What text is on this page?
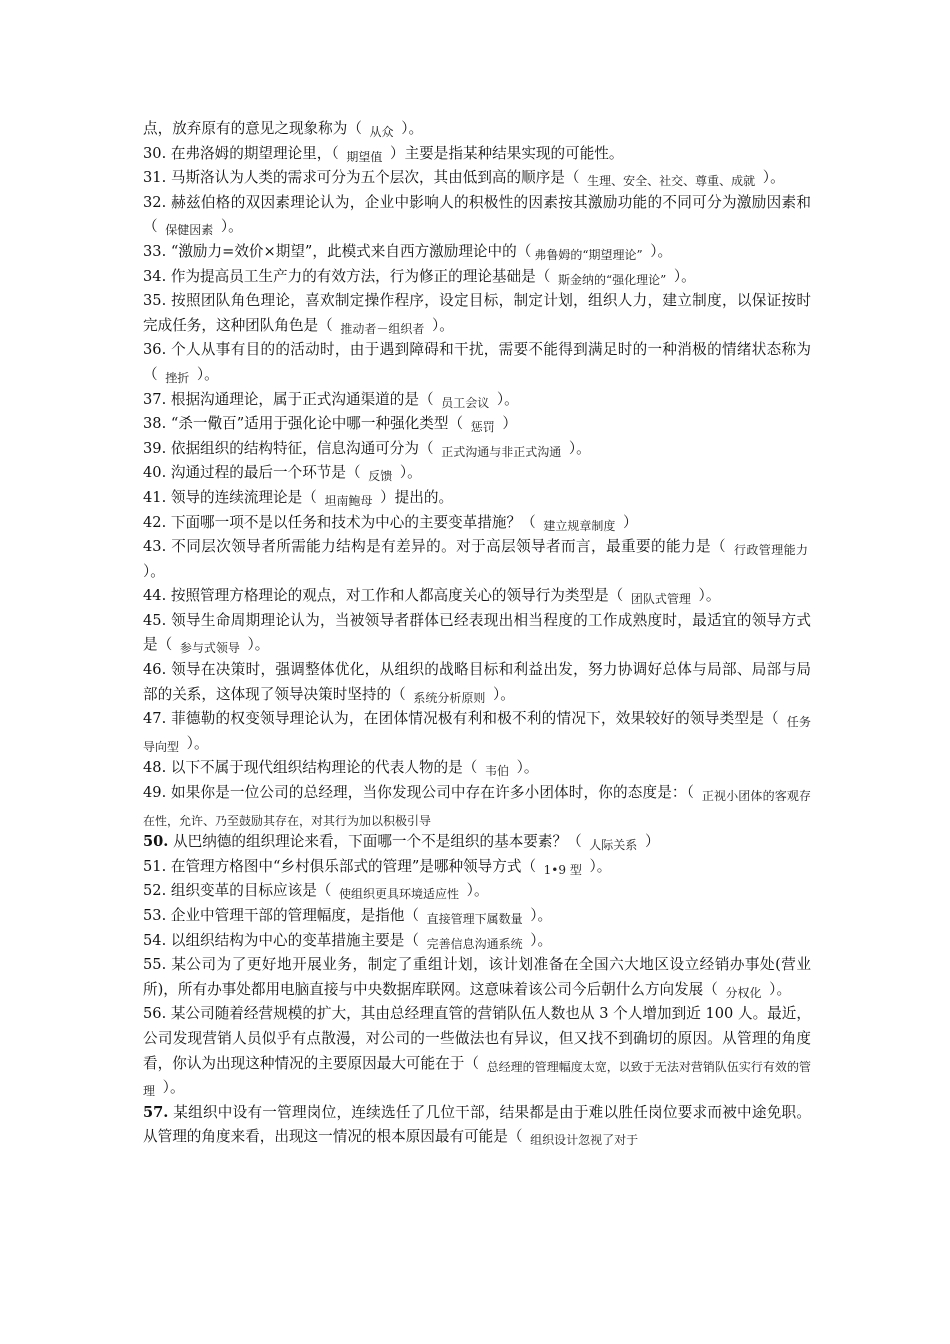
点，放弃原有的意见之现象称为（ $_{从众}$ ）。

30. 在弗洛姆的期望理论里，（ $_{期望值}$ ）主要是指某种结果实现的可能性。

31. 马斯洛认为人类的需求可分为五个层次，其由低到高的顺序是（ $_{生理、安全、社交、尊重、成就}$ ）。

32. 赫兹伯格的双因素理论认为，企业中影响人的积极性的因素按其激励功能的不同可分为激励因素和（ $_{保健因素}$ ）。

33. “激励力=效价×期望”，此模式来自西方激励理论中的（ $_{弗鲁姆的“期望理论”}$ ）。

34. 作为提高员工生产力的有效方法，行为修正的理论基础是（ $_{斯金纳的“强化理论”}$ ）。

35. 按照团队角色理论，喜欢制定操作程序，设定目标，制定计划，组织人力，建立制度，以保证按时完成任务，这种团队角色是（ $_{推动者-组织者}$ ）。

36. 个人从事有目的的活动时，由于遇到障碍和干扰，需要不能得到满足时的一种消极的情绪状态称为（ $_{挫折}$ ）。

37. 根据沟通理论，属于正式沟通渠道的是（ $_{员工会议}$ ）。

38. “杀一儆百”适用于强化论中哪一种强化类型（ $_{惩罚}$ ）

39. 依据组织的结构特征，信息沟通可分为（ $_{正式沟通与非正式沟通}$ ）。

40. 沟通过程的最后一个环节是（ $_{反馈}$ ）。

41. 领导的连续流理论是（ $_{坦南鲍母}$ ）提出的。

42. 下面哪一项不是以任务和技术为中心的主要变革措施？（ $_{建立规章制度}$ ）

43. 不同层次领导者所需能力结构是有差异的。对于高层领导者而言，最重要的能力是（ $_{行政管理能力}$ ）。

44. 按照管理方格理论的观点，对工作和人都高度关心的领导行为类型是（ $_{团队式管理}$ ）。

45. 领导生命周期理论认为，当被领导者群体已经表现出相当程度的工作成熟度时，最适宜的领导方式是（ $_{参与式领导}$ ）。

46. 领导在决策时，强调整体优化，从组织的战略目标和利益出发，努力协调好总体与局部、局部与局部的关系，这体现了领导决策时坚持的（ $_{系统分析原则}$ ）。

47. 菲德勒的权变领导理论认为，在团体情况极有利和极不利的情况下，效果较好的领导类型是（ $_{任务导向型}$ ）。

48. 以下不属于现代组织结构理论的代表人物的是（ $_{韦伯}$ ）。

49. 如果你是一位公司的总经理，当你发现公司中存在许多小团体时，你的态度是：（ $_{正视小团体的客观存在性,允许、乃至鼓励其存在,对其行为加以积极引导}$

50. 从巴纳德的组织理论来看，下面哪一个不是组织的基本要素？（ $_{人际关系}$ ）

51. 在管理方格图中“乡村俱乐部式的管理”是哪种领导方式（ $_{1•9 型}$ ）。

52. 组织变革的目标应该是（ $_{使组织更具环境适应性}$ ）。

53. 企业中管理干部的管理幅度，是指他（ $_{直接管理下属数量}$ ）。

54. 以组织结构为中心的变革措施主要是（ $_{完善信息沟通系统}$ ）。

55. 某公司为了更好地开展业务，制定了重组计划，该计划准备在全国六大地区设立经销办事处(营业所)，所有办事处都用电脑直接与中央数据库联网。这意味着该公司今后朝什么方向发展（ $_{分权化}$ ）。

56. 某公司随着经营规模的扩大，其由总经理直管的营销队伍人数也从 3 个人增加到近 100 人。最近，公司发现营销人员似乎有点散漫，对公司的一些做法也有异议，但又找不到确切的原因。从管理的角度看，你认为出现这种情况的主要原因最大可能在于（ $_{总经理的管理幅度太宽,以致于无法对营销队伍实行有效的管理}$ ）。

57. 某组织中设有一管理岗位，连续选任了几位干部，结果都是由于难以胜任岗位要求而被中途免职。从管理的角度来看，出现这一情况的根本原因最有可能是（ $_{组织设计忽视了对于}$
